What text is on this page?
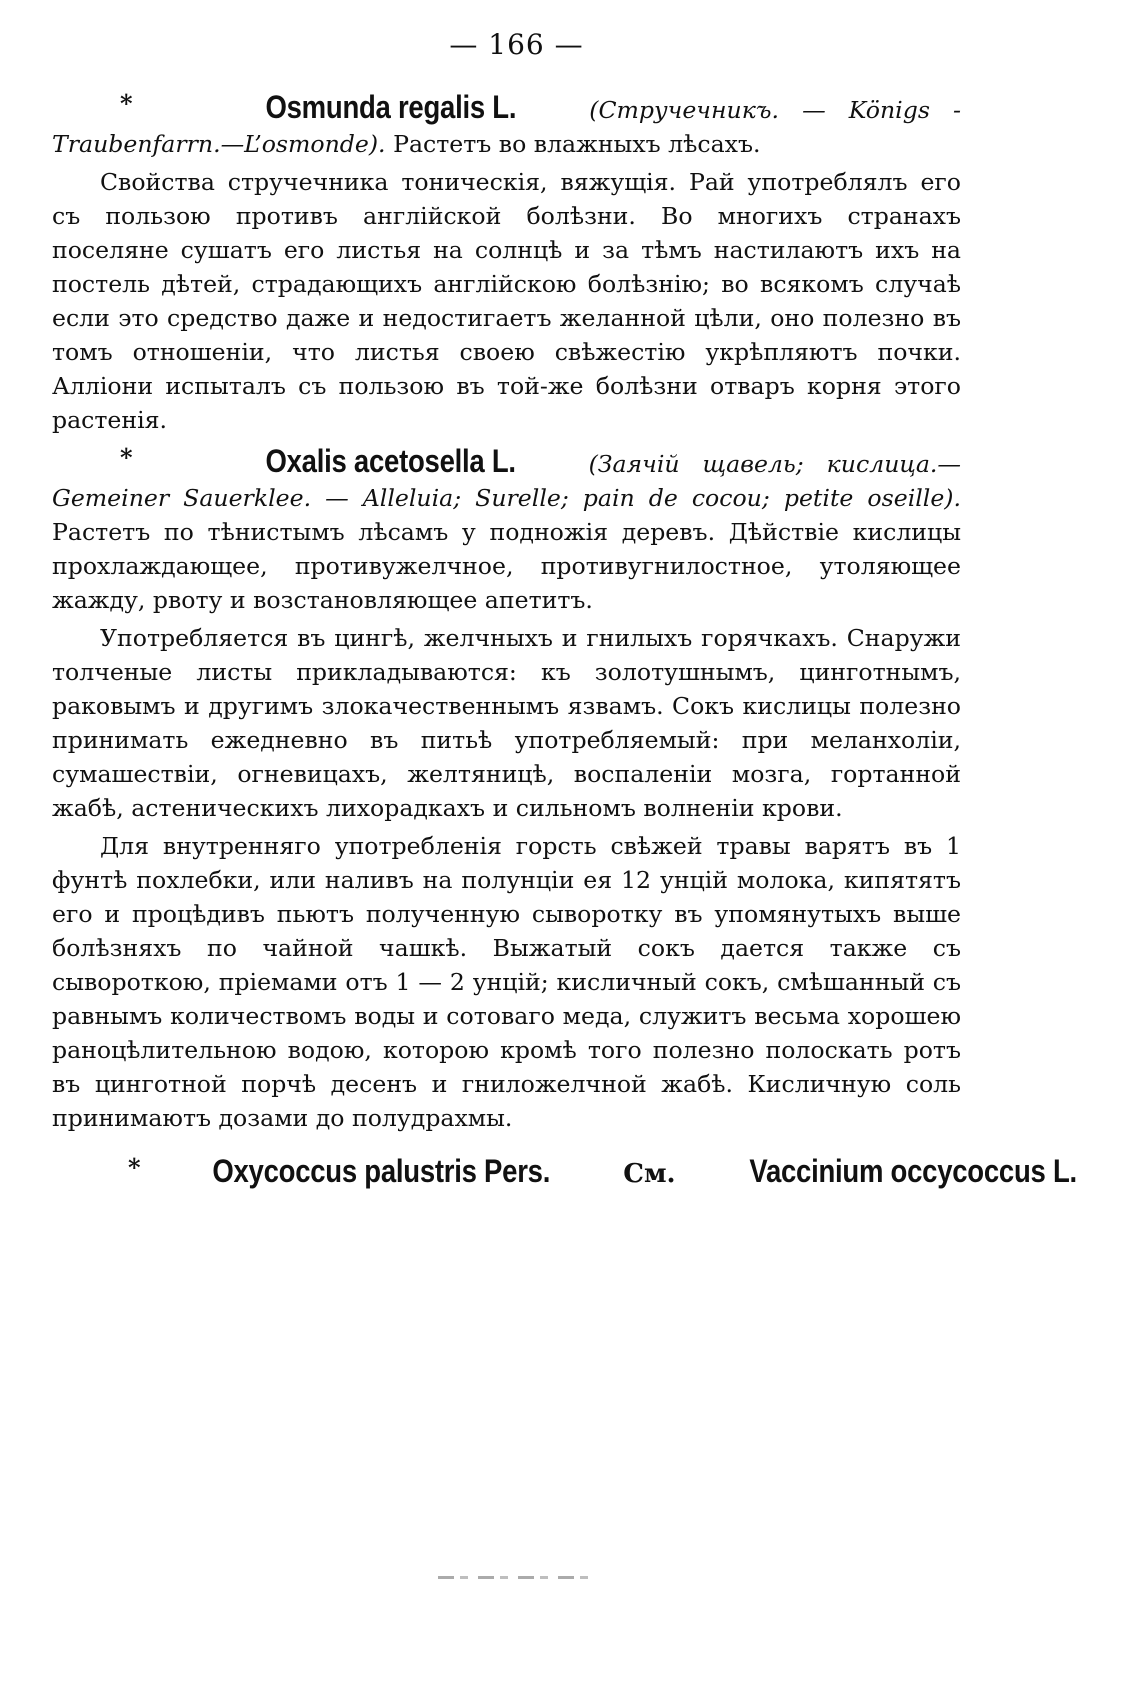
— 166 —

*	Osmunda regalis L.	(Стручечникъ. — Königs - Traubenfarrn.—L’osmonde). Растетъ во влажныхъ лѣсахъ.

Свойства стручечника тоническія, вяжущія. Рай употреблялъ его съ пользою противъ англійской болѣзни. Во многихъ странахъ поселяне сушатъ его листья на солнцѣ и за тѣмъ настилаютъ ихъ на постель дѣтей, страдающихъ англійскою болѣзнію; во всякомъ случаѣ если это средство даже и недостигаетъ желанной цѣли, оно полезно въ томъ отношеніи, что листья своею свѣжестію укрѣпляютъ почки. Аллiони испыталъ съ пользою въ той-же болѣзни отваръ корня этого растенія.

*	Oxalis acetosella L.	(Заячій щавель; кислица.—Gemeiner Sauerklee. — Alleluia; Surelle; pain de cocou; petite oseille). Растетъ по тѣнистымъ лѣсамъ у подножія деревъ. Дѣйствіе кислицы прохлаждающее, противужелчное, противугнилостное, утоляющее жажду, рвоту и возстановляющее апетитъ.

Употребляется въ цингѣ, желчныхъ и гнилыхъ горячкахъ. Снаружи толченые листы прикладываются: къ золотушнымъ, цинготнымъ, раковымъ и другимъ злокачественнымъ язвамъ. Сокъ кислицы полезно принимать ежедневно въ питьѣ употребляемый: при меланхоліи, сумашествіи, огневицахъ, желтяницѣ, воспаленіи мозга, гортанной жабѣ, астеническихъ лихорадкахъ и сильномъ волненіи крови.

Для внутренняго употребленія горсть свѣжей травы варятъ въ 1 фунтѣ похлебки, или наливъ на полунціи ея 12 унцій молока, кипятятъ его и процѣдивъ пьютъ полученную сыворотку въ упомянутыхъ выше болѣзняхъ по чайной чашкѣ. Выжатый сокъ дается также съ сывороткою, пріемами отъ 1 — 2 унцій; кисличный сокъ, смѣшанный съ равнымъ количествомъ воды и сотоваго меда, служитъ весьма хорошею раноцѣлительною водою, которою кромѣ того полезно полоскать ротъ въ цинготной порчѣ десенъ и гниложелчной жабѣ. Кисличную соль принимаютъ дозами до полудрахмы.

* Oxycoccus palustris Pers.	См. Vaccinium occycoccus L.
